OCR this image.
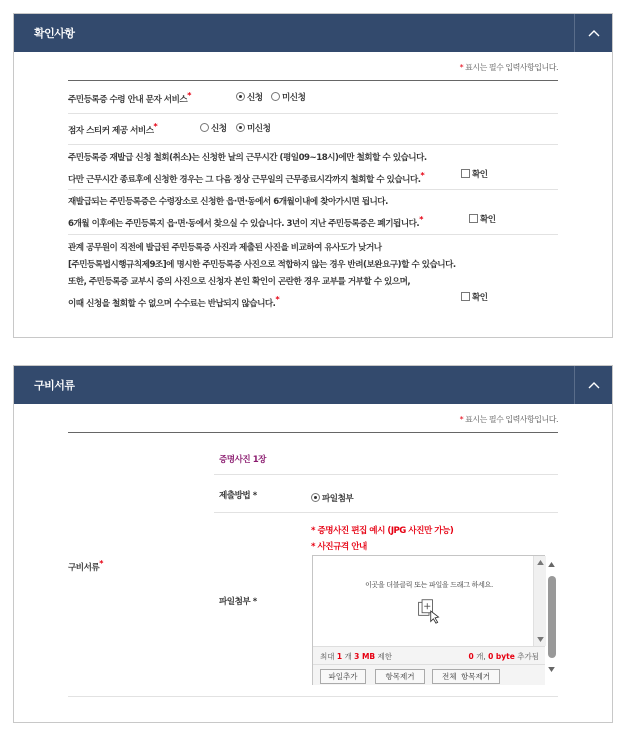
확인사항
* 표시는 필수 입력사항입니다.
주민등록증 수령 안내 문자 서비스*	신청	미신청
점자 스티커 제공 서비스*	신청	미신청
주민등록증 재발급 신청 철회(취소)는 신청한 날의 근무시간 (평일09~18시)에만 철회할 수 있습니다.
다만 근무시간 종료후에 신청한 경우는 그 다음 정상 근무일의 근무종료시각까지 철회할 수 있습니다.*	확인
재발급되는 주민등록증은 수령장소로 신청한 읍·면·동에서 6개월이내에 찾아가시면 됩니다.
6개월 이후에는 주민등록지 읍·면·동에서 찾으실 수 있습니다. 3년이 지난 주민등록증은 폐기됩니다.*	확인
관계 공무원이 직전에 발급된 주민등록증 사진과 제출된 사진을 비교하여 유사도가 낮거나
[주민등록법시행규칙제9조]에 명시한 주민등록증 사진으로 적합하지 않는 경우 반려(보완요구)할 수 있습니다.
또한, 주민등록증 교부시 증의 사진으로 신청자 본인 확인이 곤란한 경우 교부를 거부할 수 있으며,
이때 신청을 철회할 수 없으며 수수료는 반납되지 않습니다.*	확인
구비서류
* 표시는 필수 입력사항입니다.
구비서류*
증명사진 1장
제출방법 *	파일첨부
* 증명사진 편집 예시 (JPG 사진만 가능)
* 사진규격 안내
파일첨부 *
이곳을 더블클릭 또는 파일을 드래그 하세요.
최대 1 개 3 MB 제한	0 개, 0 byte 추가됨
파일추가	항목제거	전체 항목제거
